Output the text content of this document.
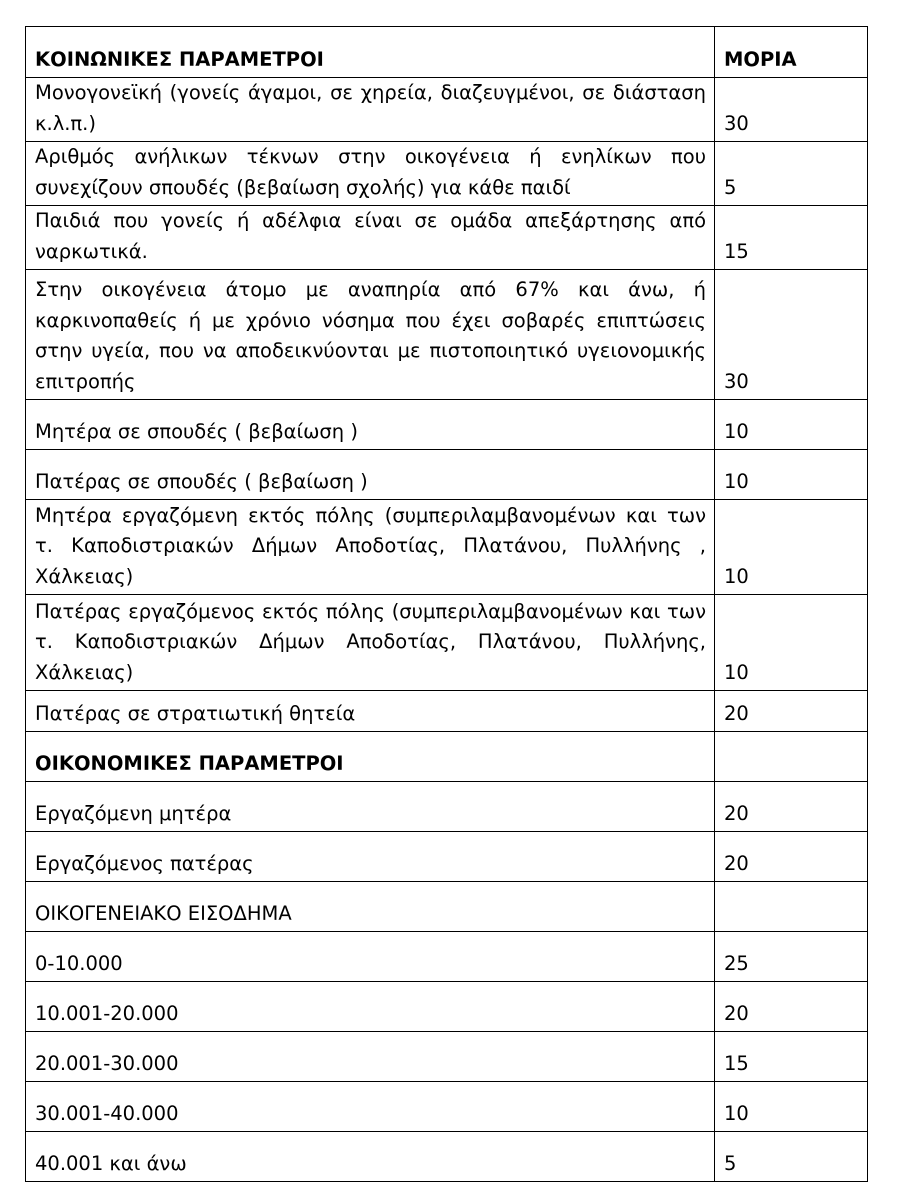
ΚΟΙΝΩΝΙΚΕΣ ΠΑΡΑΜΕΤΡΟΙ	ΜΟΡΙΑ
Μονογονεϊκή (γονείς άγαμοι, σε χηρεία, διαζευγμένοι, σε διάσταση κ.λ.π.)	30
Αριθμός ανήλικων τέκνων στην οικογένεια ή ενηλίκων που συνεχίζουν σπουδές (βεβαίωση σχολής) για κάθε παιδί	5
Παιδιά που γονείς ή αδέλφια είναι σε ομάδα απεξάρτησης από ναρκωτικά.	15
Στην οικογένεια άτομο με αναπηρία από 67% και άνω, ή καρκινοπαθείς ή με χρόνιο νόσημα που έχει σοβαρές επιπτώσεις στην υγεία, που να αποδεικνύονται με πιστοποιητικό υγειονομικής επιτροπής	30
Μητέρα σε σπουδές ( βεβαίωση )	10
Πατέρας σε σπουδές ( βεβαίωση )	10
Μητέρα εργαζόμενη εκτός πόλης (συμπεριλαμβανομένων και των τ. Καποδιστριακών Δήμων Αποδοτίας, Πλατάνου, Πυλλήνης , Χάλκειας)	10
Πατέρας εργαζόμενος εκτός πόλης (συμπεριλαμβανομένων και των τ. Καποδιστριακών Δήμων Αποδοτίας, Πλατάνου, Πυλλήνης, Χάλκειας)	10
Πατέρας σε στρατιωτική θητεία	20
ΟΙΚΟΝΟΜΙΚΕΣ ΠΑΡΑΜΕΤΡΟΙ	
Εργαζόμενη μητέρα	20
Εργαζόμενος πατέρας	20
ΟΙΚΟΓΕΝΕΙΑΚΟ ΕΙΣΟΔΗΜΑ	
0-10.000	25
10.001-20.000	20
20.001-30.000	15
30.001-40.000	10
40.001 και άνω	5
